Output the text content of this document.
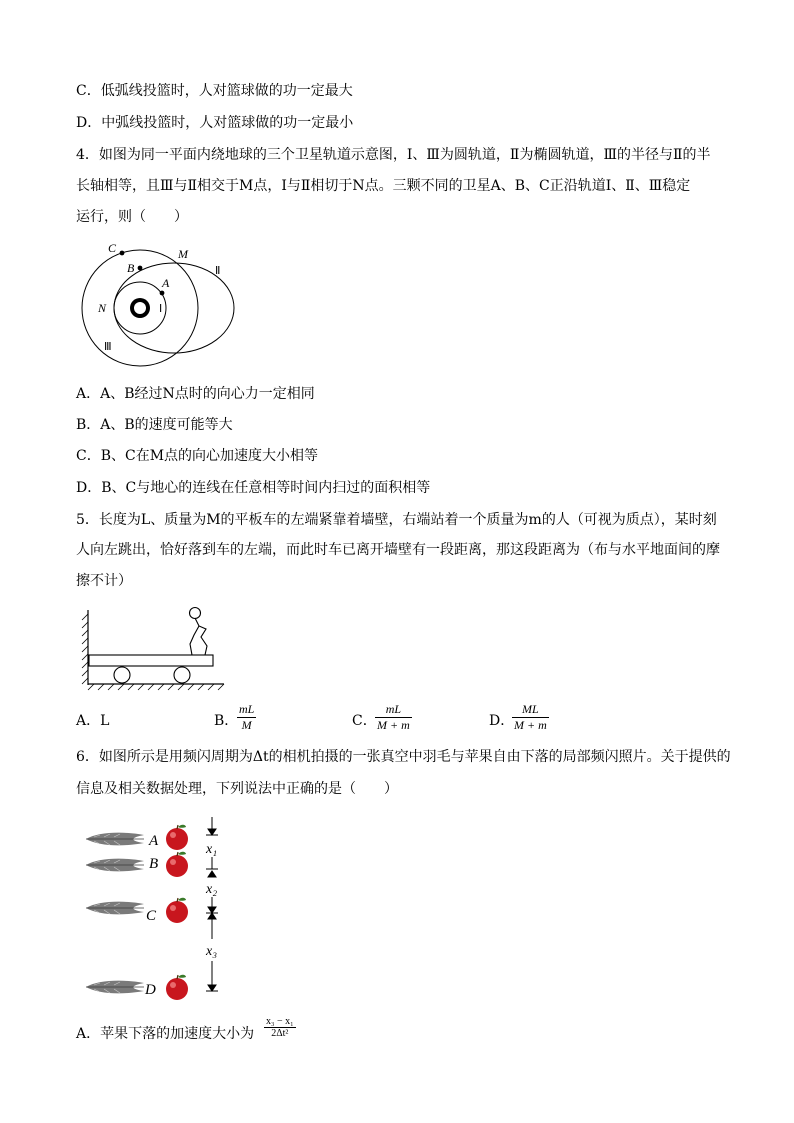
C．低弧线投篮时，人对篮球做的功一定最大
D．中弧线投篮时，人对篮球做的功一定最小
4．如图为同一平面内绕地球的三个卫星轨道示意图，Ⅰ、Ⅲ为圆轨道，Ⅱ为椭圆轨道，Ⅲ的半径与Ⅱ的半
长轴相等，且Ⅲ与Ⅱ相交于M点，Ⅰ与Ⅱ相切于N点。三颗不同的卫星A、B、C正沿轨道Ⅰ、Ⅱ、Ⅲ稳定
运行，则（　　）
C	M
Ⅱ
B
A
N	Ⅰ
Ⅲ
A．A、B经过N点时的向心力一定相同
B．A、B的速度可能等大
C．B、C在M点的向心加速度大小相等
D．B、C与地心的连线在任意相等时间内扫过的面积相等
5．长度为L、质量为M的平板车的左端紧靠着墙壁，右端站着一个质量为m的人（可视为质点），某时刻
人向左跳出，恰好落到车的左端，而此时车已离开墙壁有一段距离，那这段距离为（布与水平地面间的摩
擦不计）
A．L	B．
mL
M	C．
mL
M + m	D．
ML
M + m
6．如图所示是用频闪周期为Δt的相机拍摄的一张真空中羽毛与苹果自由下落的局部频闪照片。关于提供的
信息及相关数据处理，下列说法中正确的是（　　）
A
B
C
D
x₁
x₂
x₃
A．苹果下落的加速度大小为
x₃ − x₁
2Δt²
